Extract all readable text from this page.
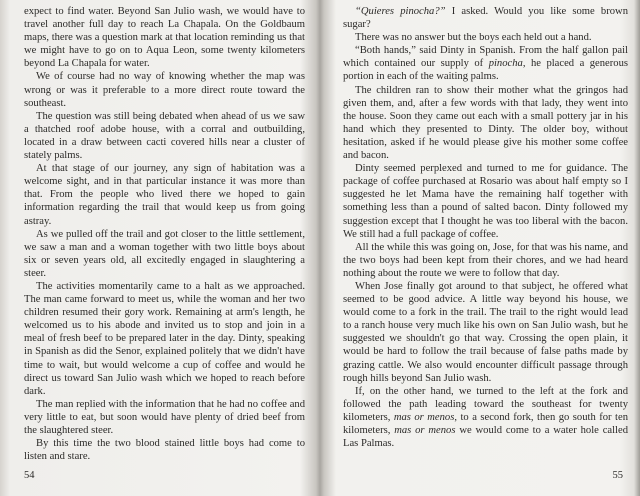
expect to find water. Beyond San Julio wash, we would have to travel another full day to reach La Chapala. On the Goldbaum maps, there was a question mark at that location reminding us that we might have to go on to Aqua Leon, some twenty kilometers beyond La Chapala for water.

We of course had no way of knowing whether the map was wrong or was it preferable to a more direct route toward the southeast.

The question was still being debated when ahead of us we saw a thatched roof adobe house, with a corral and outbuilding, located in a draw between cacti covered hills near a cluster of stately palms.

At that stage of our journey, any sign of habitation was a welcome sight, and in that particular instance it was more than that. From the people who lived there we hoped to gain information regarding the trail that would keep us from going astray.

As we pulled off the trail and got closer to the little settlement, we saw a man and a woman together with two little boys about six or seven years old, all excitedly engaged in slaughtering a steer.

The activities momentarily came to a halt as we approached. The man came forward to meet us, while the woman and her two children resumed their gory work. Remaining at arm's length, he welcomed us to his abode and invited us to stop and join in a meal of fresh beef to be prepared later in the day. Dinty, speaking in Spanish as did the Senor, explained politely that we didn't have time to wait, but would welcome a cup of coffee and would he direct us toward San Julio wash which we hoped to reach before dark.

The man replied with the information that he had no coffee and very little to eat, but soon would have plenty of dried beef from the slaughtered steer.

By this time the two blood stained little boys had come to listen and stare.

54

“Quieres pinocha?” I asked. Would you like some brown sugar?

There was no answer but the boys each held out a hand.

“Both hands,” said Dinty in Spanish. From the half gallon pail which contained our supply of pinocha, he placed a generous portion in each of the waiting palms.

The children ran to show their mother what the gringos had given them, and, after a few words with that lady, they went into the house. Soon they came out each with a small pottery jar in his hand which they presented to Dinty. The older boy, without hesitation, asked if he would please give his mother some coffee and bacon.

Dinty seemed perplexed and turned to me for guidance. The package of coffee purchased at Rosario was about half empty so I suggested he let Mama have the remaining half together with something less than a pound of salted bacon. Dinty followed my suggestion except that I thought he was too liberal with the bacon. We still had a full package of coffee.

All the while this was going on, Jose, for that was his name, and the two boys had been kept from their chores, and we had heard nothing about the route we were to follow that day.

When Jose finally got around to that subject, he offered what seemed to be good advice. A little way beyond his house, we would come to a fork in the trail. The trail to the right would lead to a ranch house very much like his own on San Julio wash, but he suggested we shouldn't go that way. Crossing the open plain, it would be hard to follow the trail because of false paths made by grazing cattle. We also would encounter difficult passage through rough hills beyond San Julio wash.

If, on the other hand, we turned to the left at the fork and followed the path leading toward the southeast for twenty kilometers, mas or menos, to a second fork, then go south for ten kilometers, mas or menos we would come to a water hole called Las Palmas.

55
